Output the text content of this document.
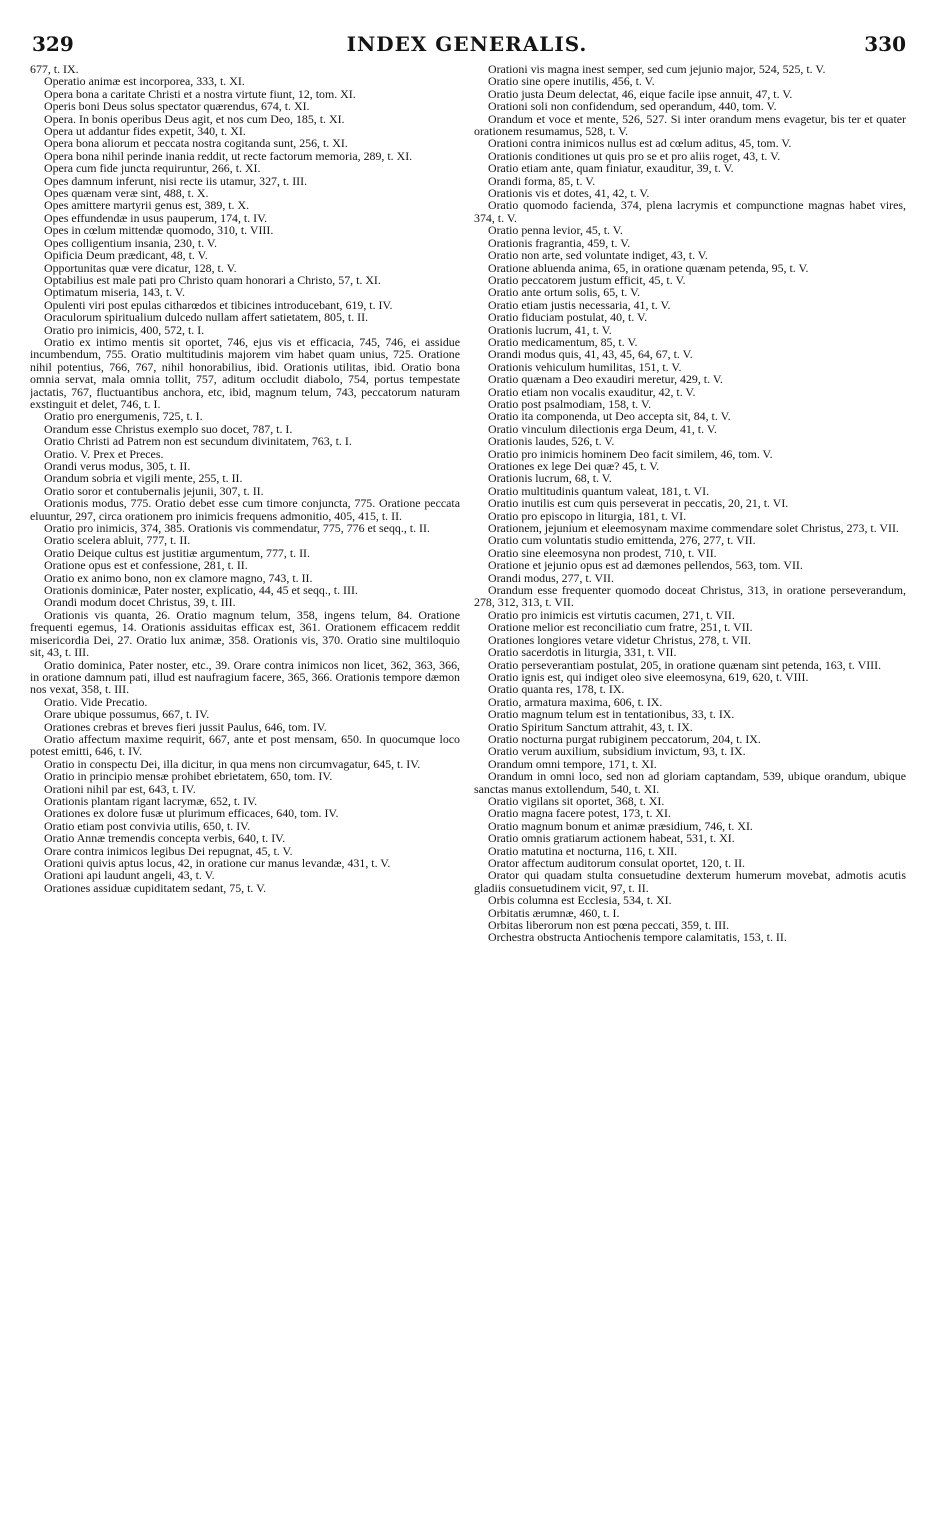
329	INDEX GENERALIS.	330

677, t. IX.

Operatio animæ est incorporea, 333, t. XI.

Opera bona a caritate Christi et a nostra virtute fiunt, 12, tom. XI.

Operis boni Deus solus spectator quærendus, 674, t. XI.

Opera. In bonis operibus Deus agit, et nos cum Deo, 185, t. XI.

Opera ut addantur fides expetit, 340, t. XI.

Opera bona aliorum et peccata nostra cogitanda sunt, 256, t. XI.

Opera bona nihil perinde inania reddit, ut recte factorum memoria, 289, t. XI.

Opera cum fide juncta requiruntur, 266, t. XI.

Opes damnum inferunt, nisi recte iis utamur, 327, t. III.

Opes quænam veræ sint, 488, t. X.

Opes amittere martyrii genus est, 389, t. X.

Opes effundendæ in usus pauperum, 174, t. IV.

Opes in cœlum mittendæ quomodo, 310, t. VIII.

Opes colligentium insania, 230, t. V.

Opificia Deum prædicant, 48, t. V.

Opportunitas quæ vere dicatur, 128, t. V.

Optabilius est male pati pro Christo quam honorari a Christo, 57, t. XI.

Optimatum miseria, 143, t. V.

Opulenti viri post epulas citharœdos et tibicines introducebant, 619, t. IV.

Oraculorum spiritualium dulcedo nullam affert satietatem, 805, t. II.

Oratio pro inimicis, 400, 572, t. I.

Oratio ex intimo mentis sit oportet, 746, ejus vis et efficacia, 745, 746, ei assidue incumbendum, 755. Oratio multitudinis majorem vim habet quam unius, 725. Oratione nihil potentius, 766, 767, nihil honorabilius, ibid. Orationis utilitas, ibid. Oratio bona omnia servat, mala omnia tollit, 757, aditum occludit diabolo, 754, portus tempestate jactatis, 767, fluctuantibus anchora, etc, ibid, magnum telum, 743, peccatorum naturam exstinguit et delet, 746, t. I.

Oratio pro energumenis, 725, t. I.

Orandum esse Christus exemplo suo docet, 787, t. I.

Oratio Christi ad Patrem non est secundum divinitatem, 763, t. I.

Oratio. V. Prex et Preces.

Orandi verus modus, 305, t. II.

Orandum sobria et vigili mente, 255, t. II.

Oratio soror et contubernalis jejunii, 307, t. II.

Orationis modus, 775. Oratio debet esse cum timore conjuncta, 775. Oratione peccata eluuntur, 297, circa orationem pro inimicis frequens admonitio, 405, 415, t. II.

Oratio pro inimicis, 374, 385. Orationis vis commendatur, 775, 776 et seqq., t. II.

Oratio scelera abluit, 777, t. II.

Oratio Deique cultus est justitiæ argumentum, 777, t. II.

Oratione opus est et confessione, 281, t. II.

Oratio ex animo bono, non ex clamore magno, 743, t. II.

Orationis dominicæ, Pater noster, explicatio, 44, 45 et seqq., t. III.

Orandi modum docet Christus, 39, t. III.

Orationis vis quanta, 26. Oratio magnum telum, 358, ingens telum, 84. Oratione frequenti egemus, 14. Orationis assiduitas efficax est, 361. Orationem efficacem reddit misericordia Dei, 27. Oratio lux animæ, 358. Orationis vis, 370. Oratio sine multiloquio sit, 43, t. III.

Oratio dominica, Pater noster, etc., 39. Orare contra inimicos non licet, 362, 363, 366, in oratione damnum pati, illud est naufragium facere, 365, 366. Orationis tempore dæmon nos vexat, 358, t. III.

Oratio. Vide Precatio.

Orare ubique possumus, 667, t. IV.

Orationes crebras et breves fieri jussit Paulus, 646, tom. IV.

Oratio affectum maxime requirit, 667, ante et post mensam, 650. In quocumque loco potest emitti, 646, t. IV.

Oratio in conspectu Dei, illa dicitur, in qua mens non circumvagatur, 645, t. IV.

Oratio in principio mensæ prohibet ebrietatem, 650, tom. IV.

Orationi nihil par est, 643, t. IV.

Orationis plantam rigant lacrymæ, 652, t. IV.

Orationes ex dolore fusæ ut plurimum efficaces, 640, tom. IV.

Oratio etiam post convivia utilis, 650, t. IV.

Oratio Annæ tremendis concepta verbis, 640, t. IV.

Orare contra inimicos legibus Dei repugnat, 45, t. V.

Orationi quivis aptus locus, 42, in oratione cur manus levandæ, 431, t. V.

Orationi api laudunt angeli, 43, t. V.

Orationes assiduæ cupiditatem sedant, 75, t. V.

Orationi vis magna inest semper, sed cum jejunio major, 524, 525, t. V.

Oratio sine opere inutilis, 456, t. V.

Oratio justa Deum delectat, 46, eique facile ipse annuit, 47, t. V.

Orationi soli non confidendum, sed operandum, 440, tom. V.

Orandum et voce et mente, 526, 527. Si inter orandum mens evagetur, bis ter et quater orationem resumamus, 528, t. V.

Orationi contra inimicos nullus est ad cœlum aditus, 45, tom. V.

Orationis conditiones ut quis pro se et pro aliis roget, 43, t. V.

Oratio etiam ante, quam finiatur, exauditur, 39, t. V.

Orandi forma, 85, t. V.

Orationis vis et dotes, 41, 42, t. V.

Oratio quomodo facienda, 374, plena lacrymis et compunctione magnas habet vires, 374, t. V.

Oratio penna levior, 45, t. V.

Orationis fragrantia, 459, t. V.

Oratio non arte, sed voluntate indiget, 43, t. V.

Oratione abluenda anima, 65, in oratione quænam petenda, 95, t. V.

Oratio peccatorem justum efficit, 45, t. V.

Oratio ante ortum solis, 65, t. V.

Oratio etiam justis necessaria, 41, t. V.

Oratio fiduciam postulat, 40, t. V.

Orationis lucrum, 41, t. V.

Oratio medicamentum, 85, t. V.

Orandi modus quis, 41, 43, 45, 64, 67, t. V.

Orationis vehiculum humilitas, 151, t. V.

Oratio quænam a Deo exaudiri meretur, 429, t. V.

Oratio etiam non vocalis exauditur, 42, t. V.

Oratio post psalmodiam, 158, t. V.

Oratio ita componenda, ut Deo accepta sit, 84, t. V.

Oratio vinculum dilectionis erga Deum, 41, t. V.

Orationis laudes, 526, t. V.

Oratio pro inimicis hominem Deo facit similem, 46, tom. V.

Orationes ex lege Dei quæ? 45, t. V.

Orationis lucrum, 68, t. V.

Oratio multitudinis quantum valeat, 181, t. VI.

Oratio inutilis est cum quis perseverat in peccatis, 20, 21, t. VI.

Oratio pro episcopo in liturgia, 181, t. VI.

Orationem, jejunium et eleemosynam maxime commendare solet Christus, 273, t. VII.

Oratio cum voluntatis studio emittenda, 276, 277, t. VII.

Oratio sine eleemosyna non prodest, 710, t. VII.

Oratione et jejunio opus est ad dæmones pellendos, 563, tom. VII.

Orandi modus, 277, t. VII.

Orandum esse frequenter quomodo doceat Christus, 313, in oratione perseverandum, 278, 312, 313, t. VII.

Oratio pro inimicis est virtutis cacumen, 271, t. VII.

Oratione melior est reconciliatio cum fratre, 251, t. VII.

Orationes longiores vetare videtur Christus, 278, t. VII.

Oratio sacerdotis in liturgia, 331, t. VII.

Oratio perseverantiam postulat, 205, in oratione quænam sint petenda, 163, t. VIII.

Oratio ignis est, qui indiget oleo sive eleemosyna, 619, 620, t. VIII.

Oratio quanta res, 178, t. IX.

Oratio, armatura maxima, 606, t. IX.

Oratio magnum telum est in tentationibus, 33, t. IX.

Oratio Spiritum Sanctum attrahit, 43, t. IX.

Oratio nocturna purgat rubiginem peccatorum, 204, t. IX.

Oratio verum auxilium, subsidium invictum, 93, t. IX.

Orandum omni tempore, 171, t. XI.

Orandum in omni loco, sed non ad gloriam captandam, 539, ubique orandum, ubique sanctas manus extollendum, 540, t. XI.

Oratio vigilans sit oportet, 368, t. XI.

Oratio magna facere potest, 173, t. XI.

Oratio magnum bonum et animæ præsidium, 746, t. XI.

Oratio omnis gratiarum actionem habeat, 531, t. XI.

Oratio matutina et nocturna, 116, t. XII.

Orator affectum auditorum consulat oportet, 120, t. II.

Orator qui quadam stulta consuetudine dexterum humerum movebat, admotis acutis gladiis consuetudinem vicit, 97, t. II.

Orbis columna est Ecclesia, 534, t. XI.

Orbitatis ærumnæ, 460, t. I.

Orbitas liberorum non est pœna peccati, 359, t. III.

Orchestra obstructa Antiochenis tempore calamitatis, 153, t. II.
